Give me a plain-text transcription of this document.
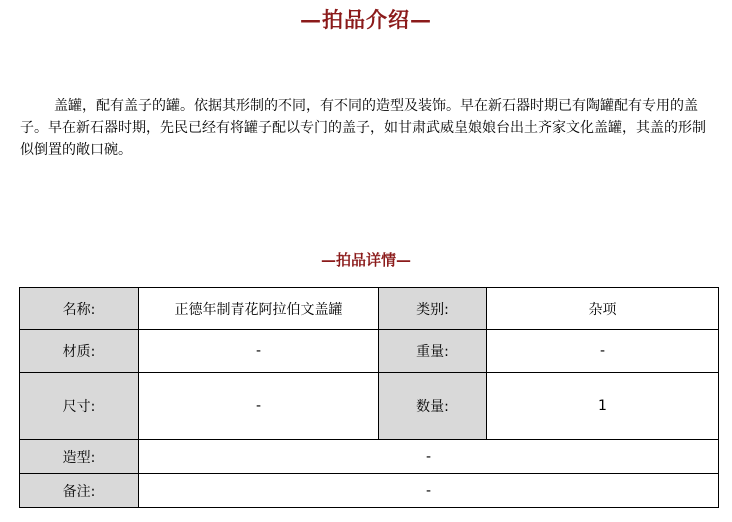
—拍品介绍—

盖罐，配有盖子的罐。依据其形制的不同，有不同的造型及装饰。早在新石器时期已有陶罐配有专用的盖子。早在新石器时期，先民已经有将罐子配以专门的盖子，如甘肃武威皇娘娘台出土齐家文化盖罐，其盖的形制似倒置的敞口碗。

—拍品详情—
名称:	正德年制青花阿拉伯文盖罐	类别:	杂项
材质:	-	重量:	-
尺寸:	-	数量:	1
造型:	-		
备注:	-		
